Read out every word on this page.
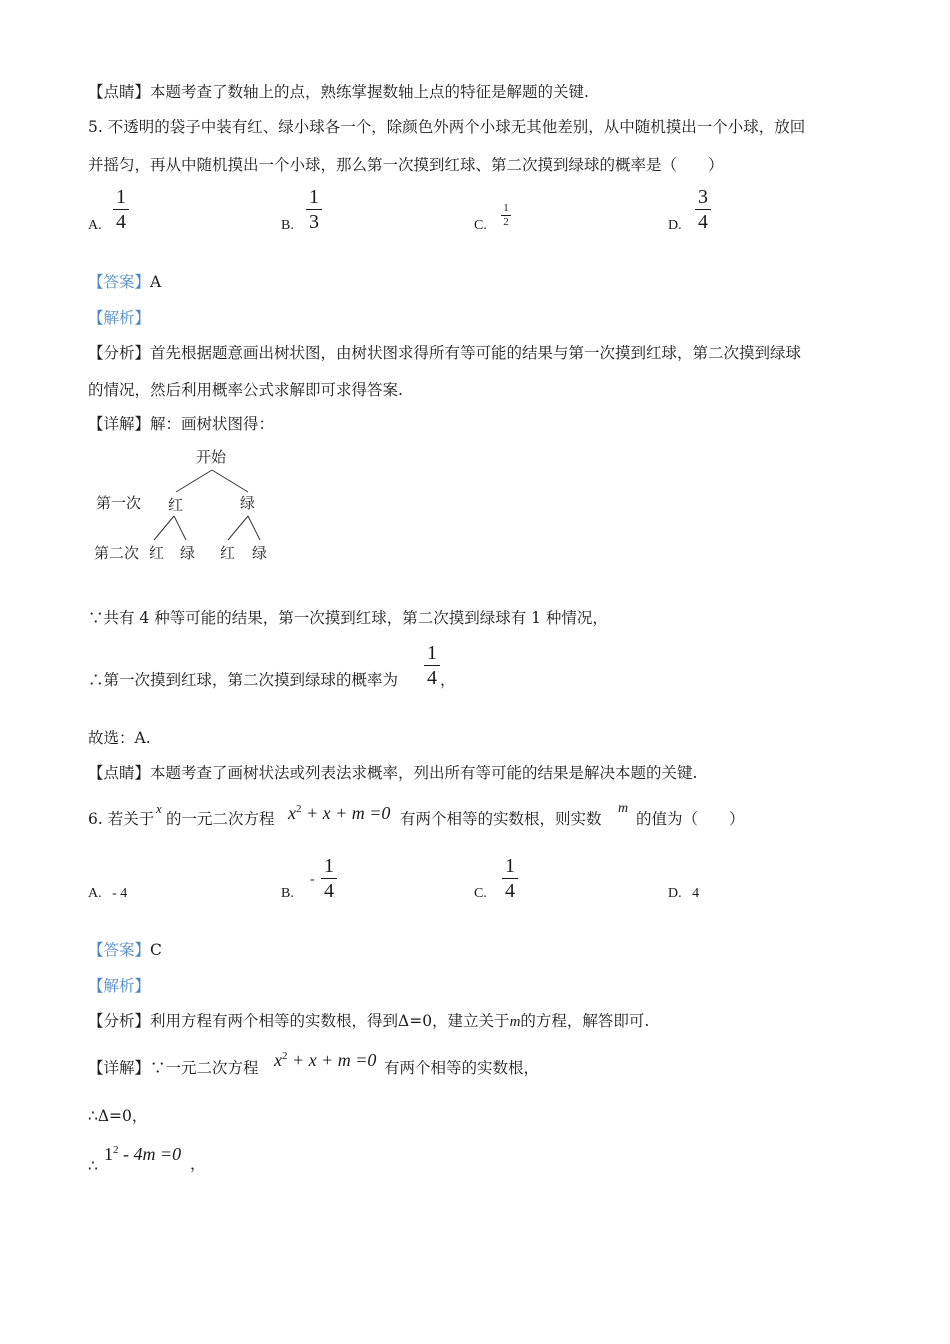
【点睛】本题考查了数轴上的点，熟练掌握数轴上点的特征是解题的关键.
5. 不透明的袋子中装有红、绿小球各一个，除颜色外两个小球无其他差别，从中随机摸出一个小球，放回
并摇匀，再从中随机摸出一个小球，那么第一次摸到红球、第二次摸到绿球的概率是（　　）
A.
1
4	B.
1
3	C.
1
2	D.
3
4
【答案】A
【解析】
【分析】首先根据题意画出树状图，由树状图求得所有等可能的结果与第一次摸到红球，第二次摸到绿球
的情况，然后利用概率公式求解即可求得答案.
【详解】解：画树状图得：
开始
第一次 红	绿
第二次 红 绿 红 绿
∵共有 4 种等可能的结果，第一次摸到红球，第二次摸到绿球有 1 种情况，
∴第一次摸到红球，第二次摸到绿球的概率为
1
4 ，
故选：A.
【点睛】本题考查了画树状法或列表法求概率，列出所有等可能的结果是解决本题的关键.
6. 若关于
x
的一元二次方程 $x^2 + x + m =0$ 有两个相等的实数根，则实数
m
的值为（　　）
A. - 4	B.
-
1
4	C.
1
4	D. 4
【答案】C
【解析】
【分析】利用方程有两个相等的实数根，得到Δ=0，建立关于m的方程，解答即可.
【详解】∵一元二次方程 $x^2 + x + m =0$ 有两个相等的实数根，
∴Δ=0，
∴
$1^2 - 4m =0$ ，
